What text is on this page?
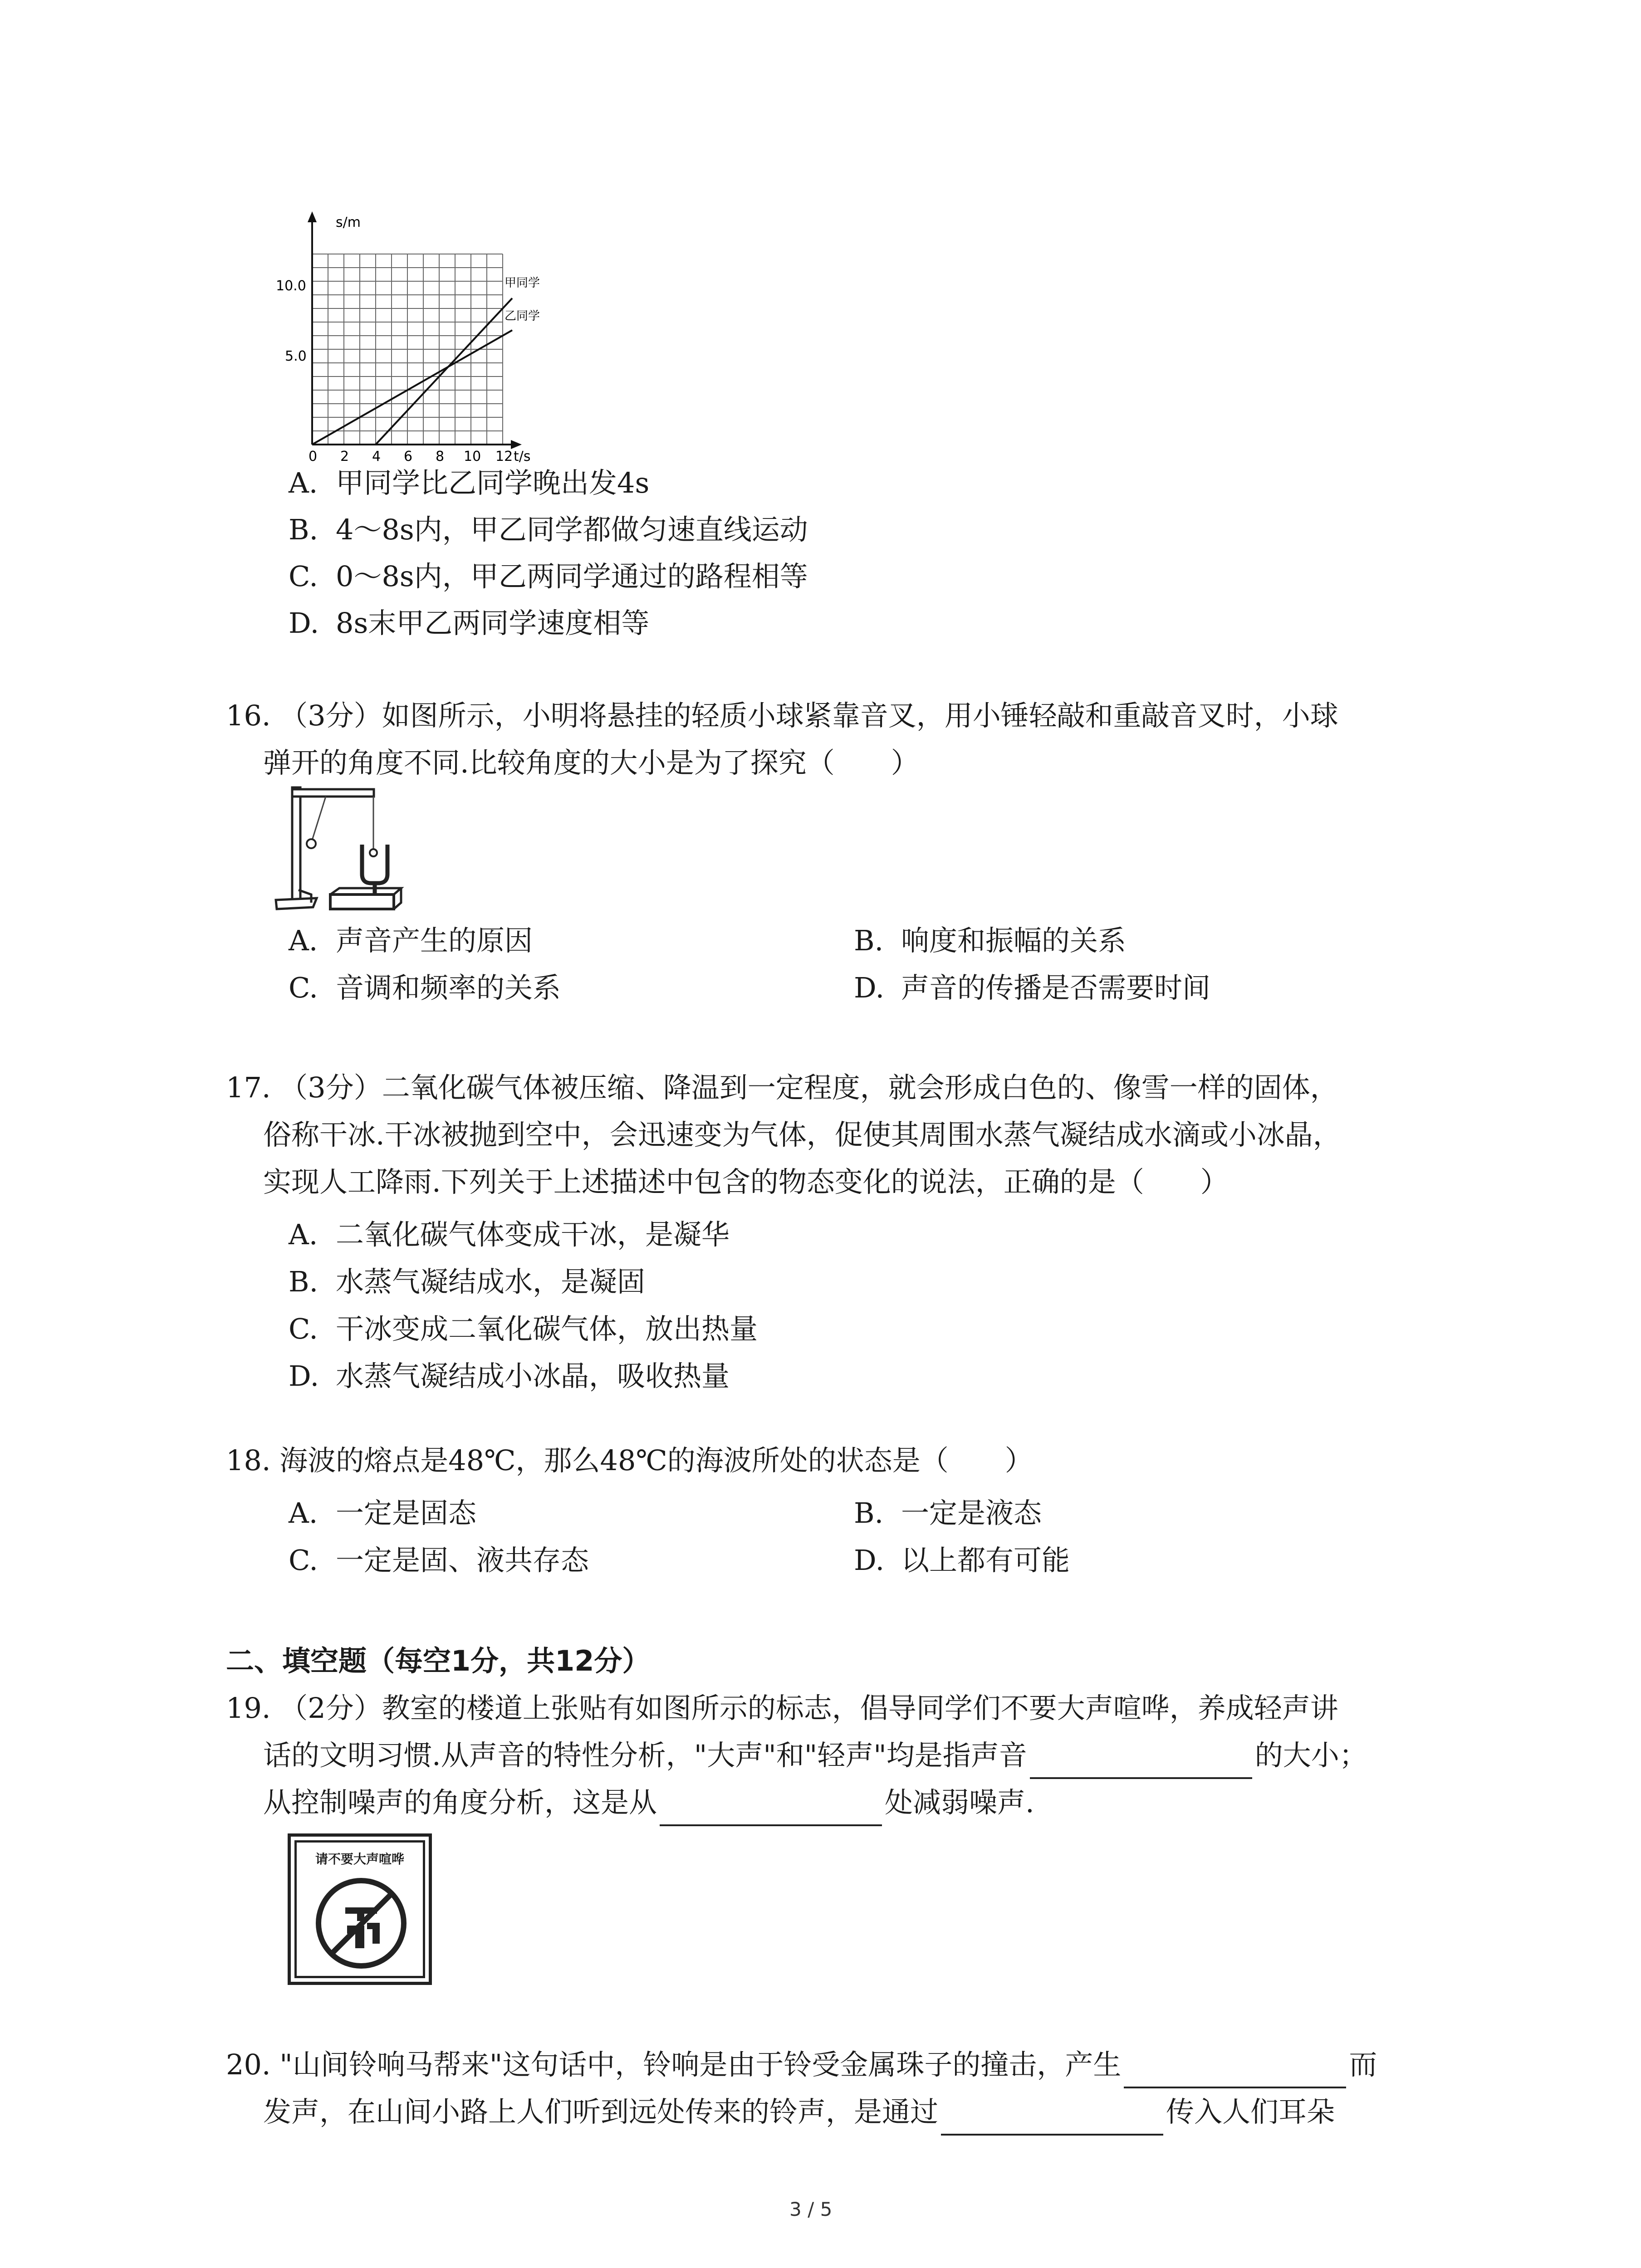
s/m
t/s
10.0
5.0
0 2 4 6 8 10 12
甲同学
乙同学
A. 甲同学比乙同学晚出发4s
B. 4～8s内，甲乙同学都做匀速直线运动
C. 0～8s内，甲乙两同学通过的路程相等
D. 8s末甲乙两同学速度相等
16. （3分）如图所示，小明将悬挂的轻质小球紧靠音叉，用小锤轻敲和重敲音叉时，小球
弹开的角度不同.比较角度的大小是为了探究（　　）
A. 声音产生的原因	B. 响度和振幅的关系
C. 音调和频率的关系	D. 声音的传播是否需要时间
17. （3分）二氧化碳气体被压缩、降温到一定程度，就会形成白色的、像雪一样的固体，
俗称干冰.干冰被抛到空中，会迅速变为气体，促使其周围水蒸气凝结成水滴或小冰晶，
实现人工降雨.下列关于上述描述中包含的物态变化的说法，正确的是（　　）
A. 二氧化碳气体变成干冰，是凝华
B. 水蒸气凝结成水，是凝固
C. 干冰变成二氧化碳气体，放出热量
D. 水蒸气凝结成小冰晶，吸收热量
18. 海波的熔点是48℃，那么48℃的海波所处的状态是（　　）
A. 一定是固态	B. 一定是液态
C. 一定是固、液共存态	D. 以上都有可能
二、填空题（每空1分，共12分）
19. （2分）教室的楼道上张贴有如图所示的标志，倡导同学们不要大声喧哗，养成轻声讲
话的文明习惯.从声音的特性分析，"大声"和"轻声"均是指声音	的大小；
从控制噪声的角度分析，这是从	处减弱噪声.
请不要大声喧哗
20. "山间铃响马帮来"这句话中，铃响是由于铃受金属珠子的撞击，产生	而
发声，在山间小路上人们听到远处传来的铃声，是通过	传入人们耳朵
3 / 5
